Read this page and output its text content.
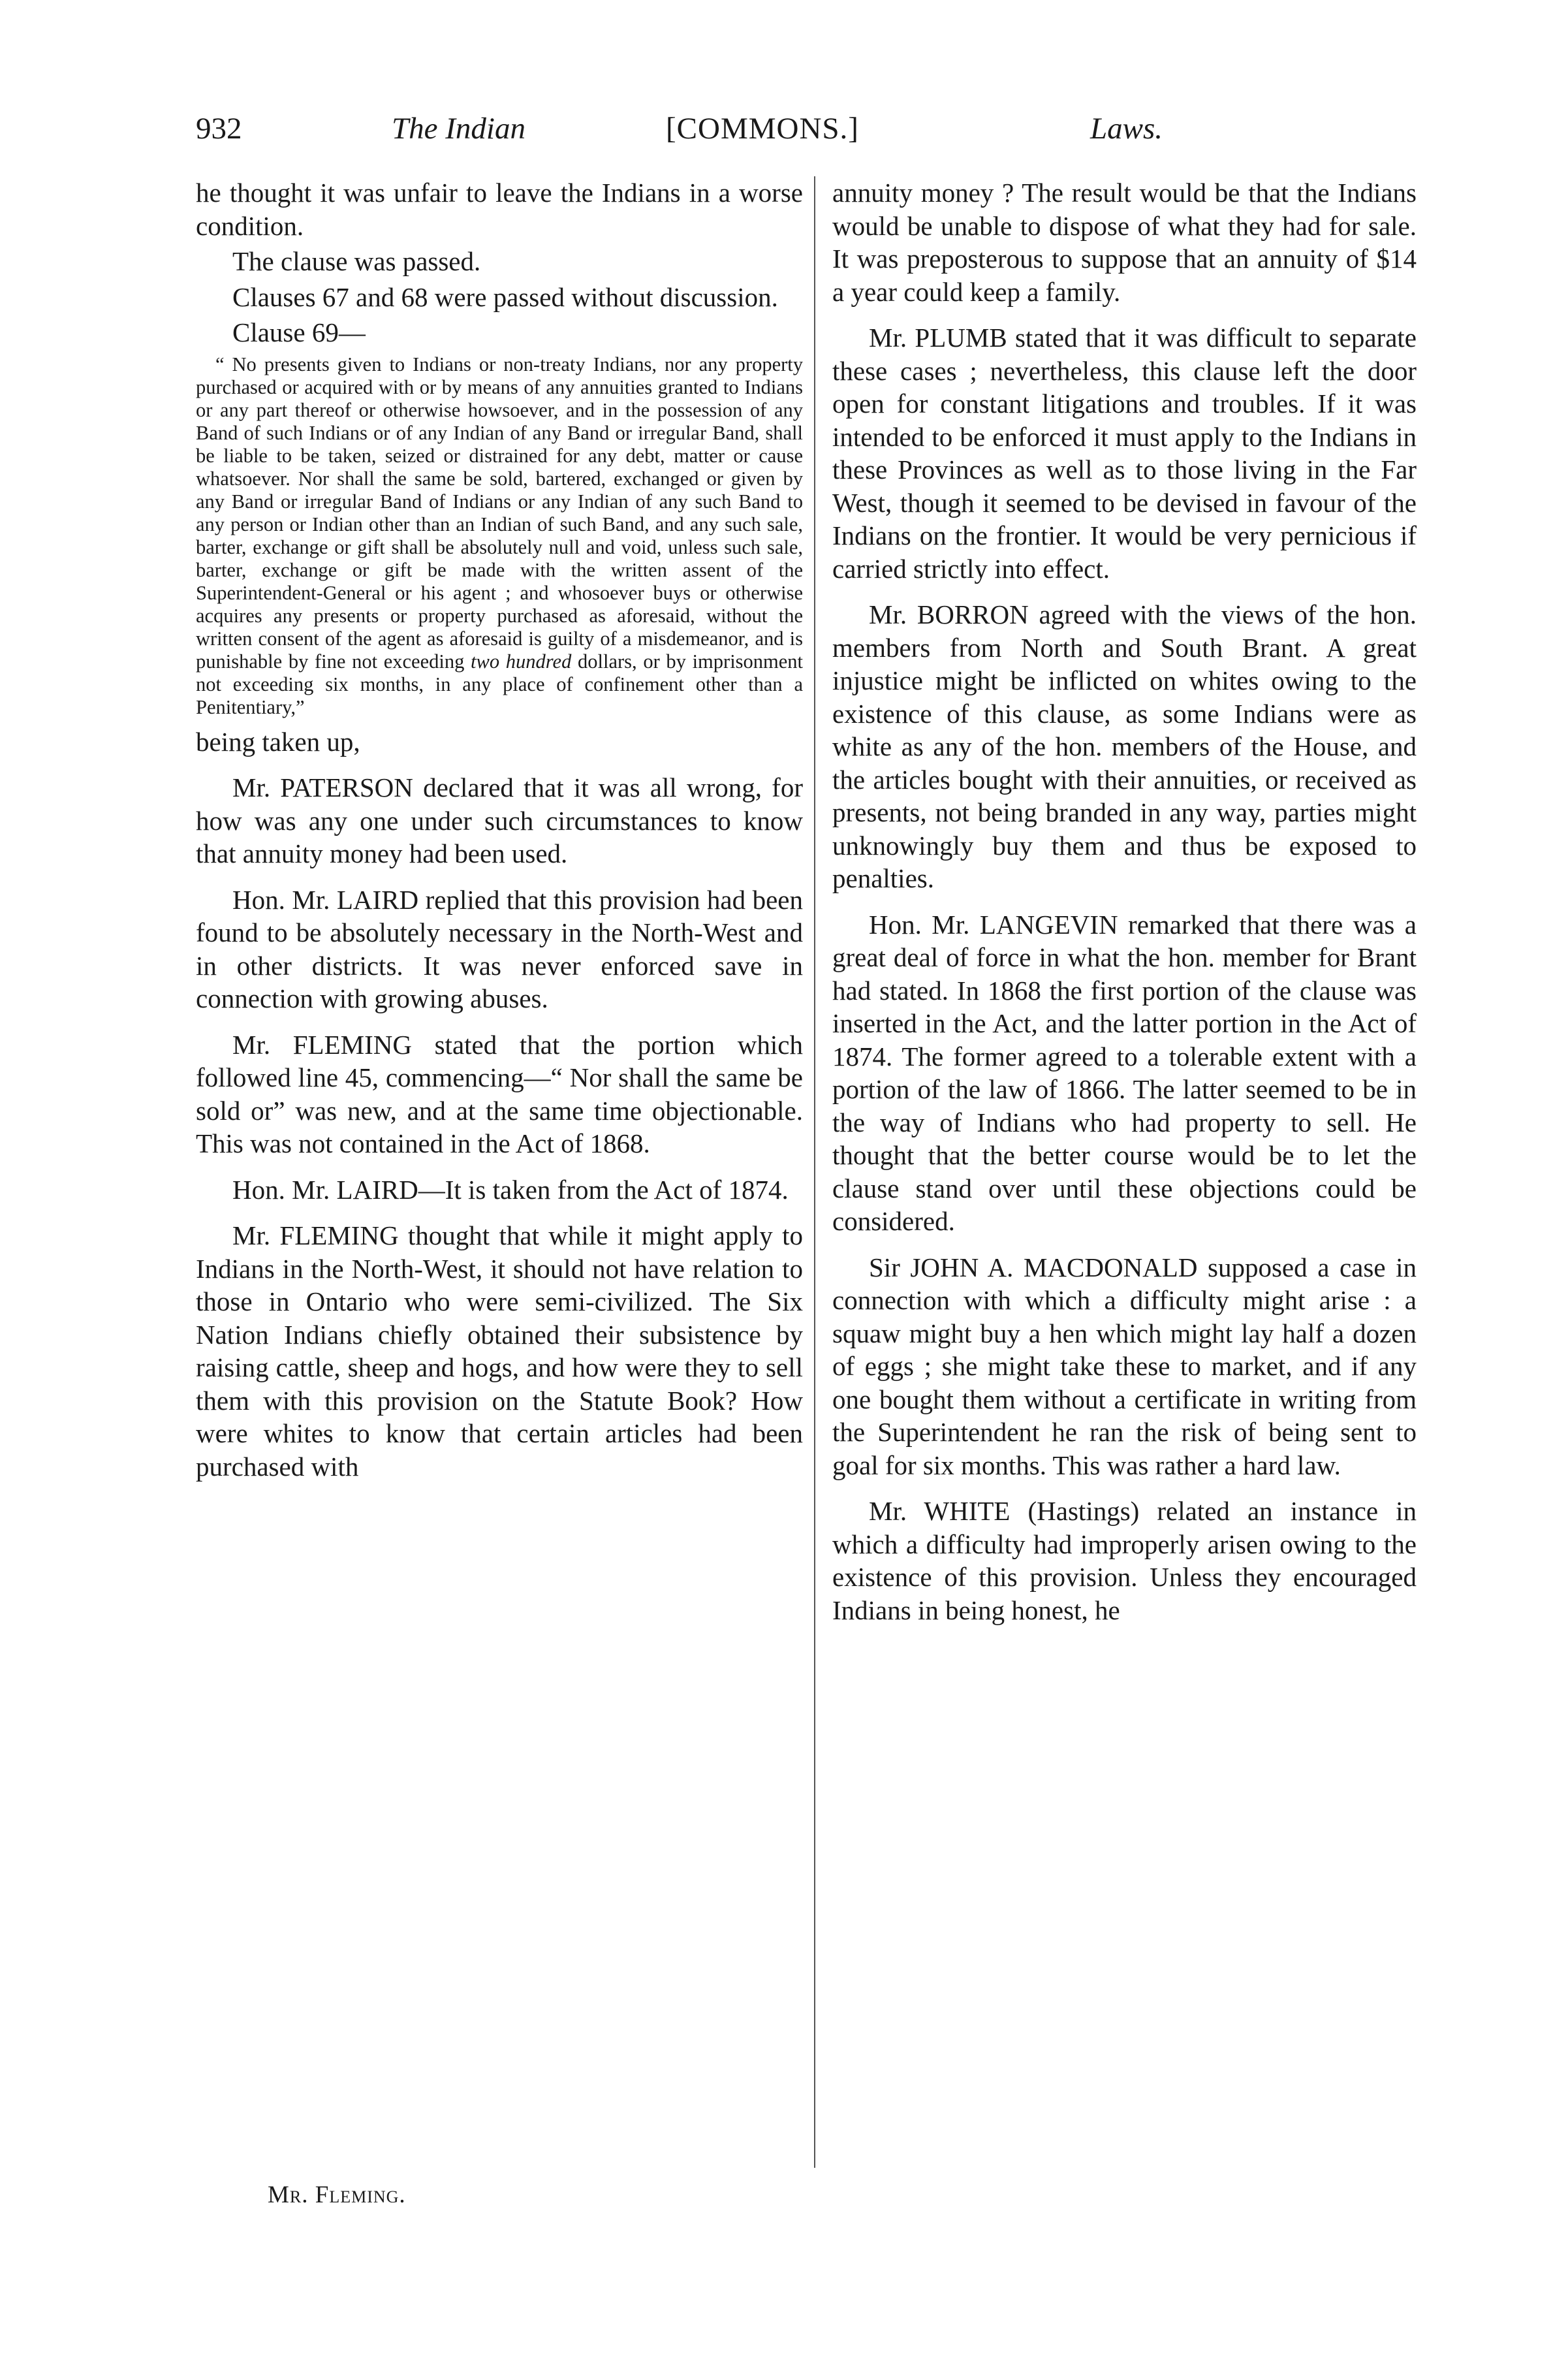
932	The Indian	[COMMONS.]	Laws.

he thought it was unfair to leave the Indians in a worse condition.

The clause was passed.

Clauses 67 and 68 were passed without discussion.

Clause 69—

“ No presents given to Indians or non-treaty Indians, nor any property purchased or acquired with or by means of any annuities granted to Indians or any part thereof or otherwise howsoever, and in the possession of any Band of such Indians or of any Indian of any Band or irregular Band, shall be liable to be taken, seized or distrained for any debt, matter or cause whatsoever. Nor shall the same be sold, bartered, exchanged or given by any Band or irregular Band of Indians or any Indian of any such Band to any person or Indian other than an Indian of such Band, and any such sale, barter, exchange or gift shall be absolutely null and void, unless such sale, barter, exchange or gift be made with the written assent of the Superintendent-General or his agent ; and whosoever buys or otherwise acquires any presents or property purchased as aforesaid, without the written consent of the agent as aforesaid is guilty of a misdemeanor, and is punishable by fine not exceeding two hundred dollars, or by imprisonment not exceeding six months, in any place of confinement other than a Penitentiary,”

being taken up,

Mr. PATERSON declared that it was all wrong, for how was any one under such circumstances to know that annuity money had been used.

Hon. Mr. LAIRD replied that this provision had been found to be absolutely necessary in the North-West and in other districts. It was never enforced save in connection with growing abuses.

Mr. FLEMING stated that the portion which followed line 45, commencing—“ Nor shall the same be sold or” was new, and at the same time objectionable. This was not contained in the Act of 1868.

Hon. Mr. LAIRD—It is taken from the Act of 1874.

Mr. FLEMING thought that while it might apply to Indians in the North-West, it should not have relation to those in Ontario who were semi-civilized. The Six Nation Indians chiefly obtained their subsistence by raising cattle, sheep and hogs, and how were they to sell them with this provision on the Statute Book? How were whites to know that certain articles had been purchased with

annuity money ? The result would be that the Indians would be unable to dispose of what they had for sale. It was preposterous to suppose that an annuity of $14 a year could keep a family.

Mr. PLUMB stated that it was difficult to separate these cases ; nevertheless, this clause left the door open for constant litigations and troubles. If it was intended to be enforced it must apply to the Indians in these Provinces as well as to those living in the Far West, though it seemed to be devised in favour of the Indians on the frontier. It would be very pernicious if carried strictly into effect.

Mr. BORRON agreed with the views of the hon. members from North and South Brant. A great injustice might be inflicted on whites owing to the existence of this clause, as some Indians were as white as any of the hon. members of the House, and the articles bought with their annuities, or received as presents, not being branded in any way, parties might unknowingly buy them and thus be exposed to penalties.

Hon. Mr. LANGEVIN remarked that there was a great deal of force in what the hon. member for Brant had stated. In 1868 the first portion of the clause was inserted in the Act, and the latter portion in the Act of 1874. The former agreed to a tolerable extent with a portion of the law of 1866. The latter seemed to be in the way of Indians who had property to sell. He thought that the better course would be to let the clause stand over until these objections could be considered.

Sir JOHN A. MACDONALD supposed a case in connection with which a difficulty might arise : a squaw might buy a hen which might lay half a dozen of eggs ; she might take these to market, and if any one bought them without a certificate in writing from the Superintendent he ran the risk of being sent to goal for six months. This was rather a hard law.

Mr. WHITE (Hastings) related an instance in which a difficulty had improperly arisen owing to the existence of this provision. Unless they encouraged Indians in being honest, he

Mr. Fleming.
